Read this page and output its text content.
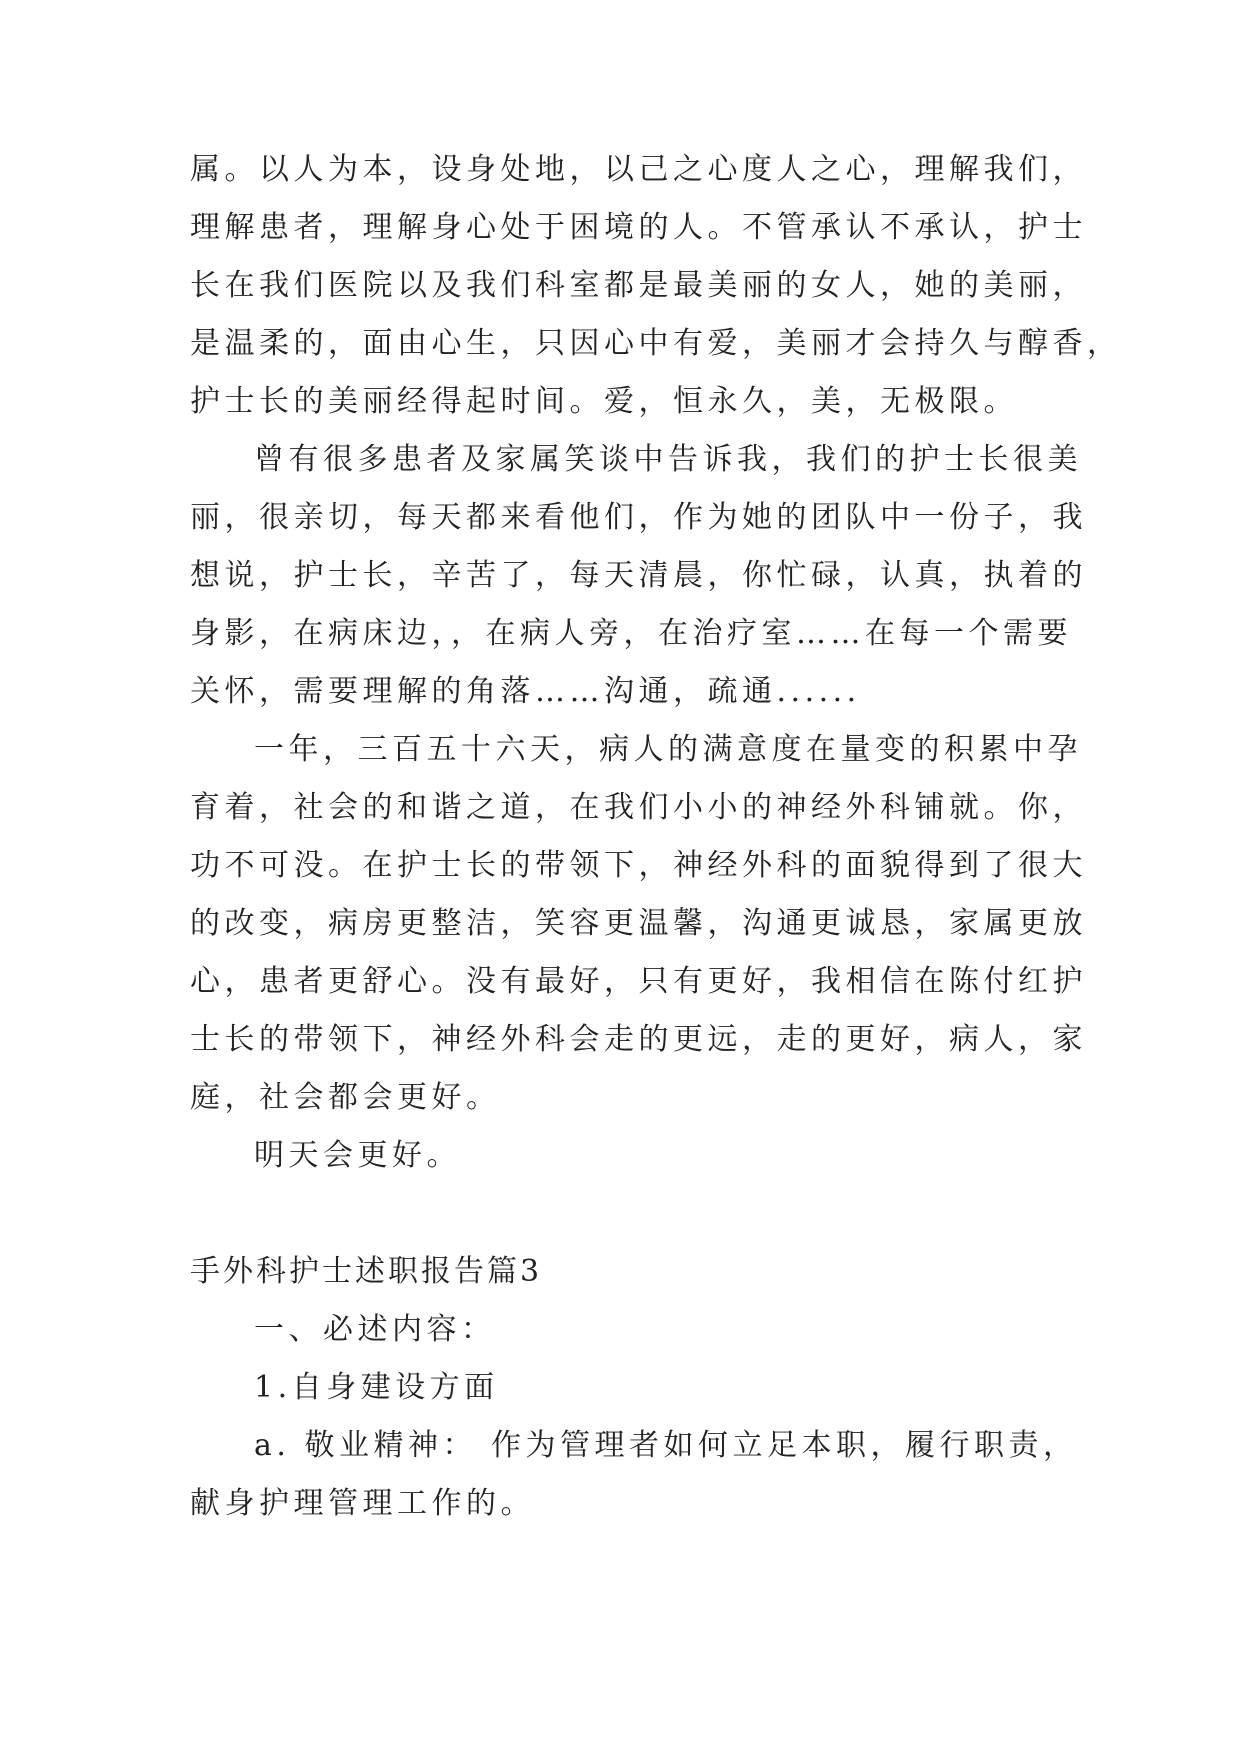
属。以人为本，设身处地，以己之心度人之心，理解我们，

理解患者，理解身心处于困境的人。不管承认不承认，护士

长在我们医院以及我们科室都是最美丽的女人，她的美丽，

是温柔的，面由心生，只因心中有爱，美丽才会持久与醇香，

护士长的美丽经得起时间。爱，恒永久，美，无极限。

曾有很多患者及家属笑谈中告诉我，我们的护士长很美

丽，很亲切，每天都来看他们，作为她的团队中一份子，我

想说，护士长，辛苦了，每天清晨，你忙碌，认真，执着的

身影，在病床边，，在病人旁，在治疗室……在每一个需要

关怀，需要理解的角落……沟通，疏通......

一年，三百五十六天，病人的满意度在量变的积累中孕

育着，社会的和谐之道，在我们小小的神经外科铺就。你，

功不可没。在护士长的带领下，神经外科的面貌得到了很大

的改变，病房更整洁，笑容更温馨，沟通更诚恳，家属更放

心，患者更舒心。没有最好，只有更好，我相信在陈付红护

士长的带领下，神经外科会走的更远，走的更好，病人，家

庭，社会都会更好。

明天会更好。

手外科护士述职报告篇3

一、必述内容：

1.自身建设方面

a. 敬业精神： 作为管理者如何立足本职，履行职责，

献身护理管理工作的。
